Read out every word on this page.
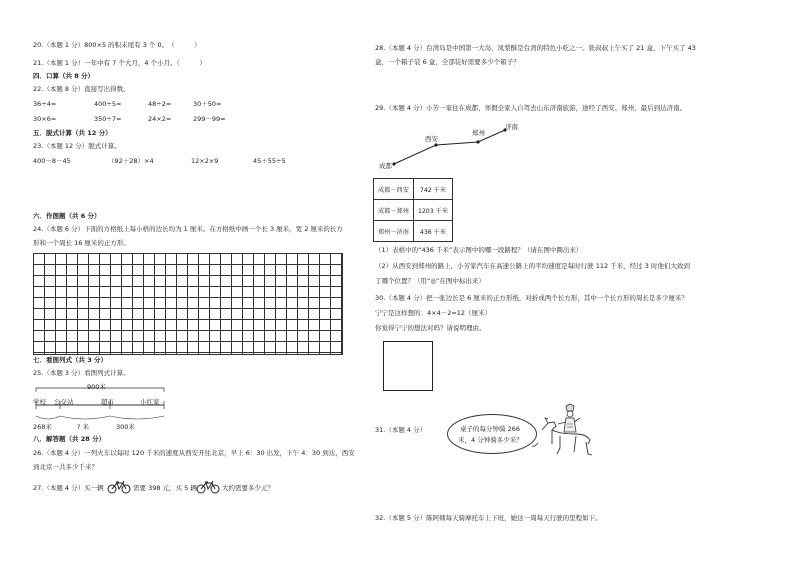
20.（本题 1 分）800×5 的积末尾有 3 个 0。　（　　　）
21.（本题 1 分）一年中有 7 个大月，4 个小月。（　　　）
四．口算（共 8 分）
22.（本题 8 分）直接写出得数。
36÷4=	400÷5=	48÷2=	30＋50=
30×6=	350÷7=	24×2=	299－99=
五．脱式计算（共 12 分）
23.（本题 12 分）脱式计算。
400－8－45	（92＋28）×4	12×2×9	45＋55÷5
六．作图题（共 6 分）
24.（本题 6 分）下面的方格纸上每小格的边长均为 1 厘米。在方格纸中画一个长 3 厘米，宽 2 厘米的长方
形和一个周长 16 厘米的正方形。
七．看图列式（共 3 分）
25.（本题 3 分）看图列式计算。
900米
学校 公交站	超市	小红家
268米	? 米	300米
八．解答题（共 28 分）
26.（本题 4 分）一列火车以每时 120 千米的速度从西安开往北京，早上 6：30 出发，下午 4：30 到达，西安
到北京一共多少千米？
27.（本题 4 分）买一辆	需要 398 元，买 5 辆	大约需要多少元？
28.（本题 4 分）台湾岛是中国第一大岛，凤梨酥是台湾的特色小吃之一。张叔叔上午买了 21 盒，下午买了 43
盒，一个箱子装 6 盒，全部装好需要多少个箱子？
29.（本题 4 分）小芳一家住在成都，寒假全家人自驾去山东济南旅游，途经了西安、郑州，最后到达济南。
成都
西安
郑州
济南
成都－西安	742 千米
成都－郑州	1203 千米
郑州－济南	436 千米
（1）表格中的“436 千米”表示图中的哪一段路程？（请在图中圈出来）
（2）从西安到郑州的路上，小芳家汽车在高速公路上的平均速度是每时行驶 112 千米，经过 3 时他们大致到
了哪个位置？（用“◎”在图中标出来）
30.（本题 4 分）把一张边长是 6 厘米的正方形纸，对折成两个长方形，其中一个长方形的周长是多少厘米？
宁宁是这样想的：4×4－2=12（厘米）
你觉得宁宁的想法对吗？请说明理由。
31.（本题 4 分）	桌子的每分钟骑 266
米，4 分钟骑多少米？
32.（本题 5 分）陈阿姨每天骑摩托车上下班，她这一周每天行驶的里程如下。
